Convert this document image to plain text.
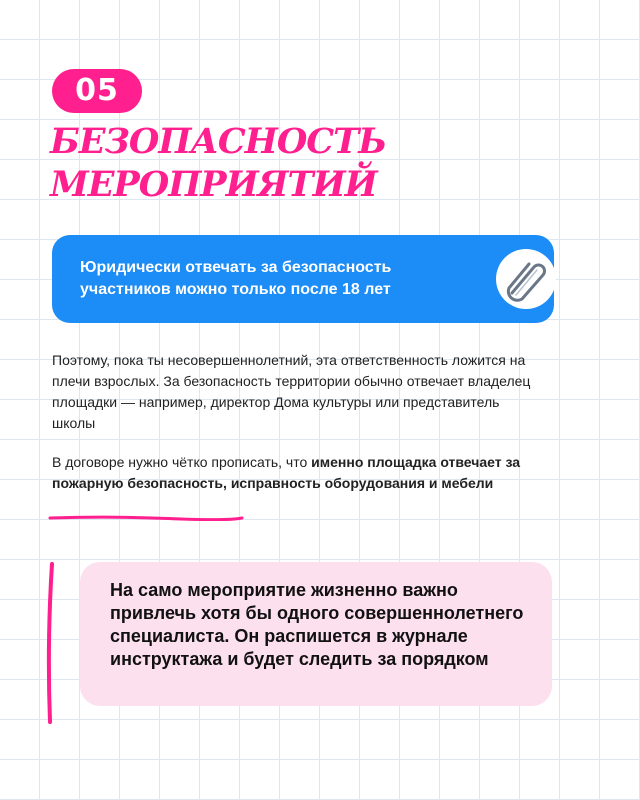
05
БЕЗОПАСНОСТЬ
МЕРОПРИЯТИЙ
Юридически отвечать за безопасность участников можно только после 18 лет
Поэтому, пока ты несовершеннолетний, эта ответственность ложится на плечи взрослых. За безопасность территории обычно отвечает владелец площадки — например, директор Дома культуры или представитель школы
В договоре нужно чётко прописать, что именно площадка отвечает за пожарную безопасность, исправность оборудования и мебели
На само мероприятие жизненно важно привлечь хотя бы одного совершеннолетнего специалиста. Он распишется в журнале инструктажа и будет следить за порядком
